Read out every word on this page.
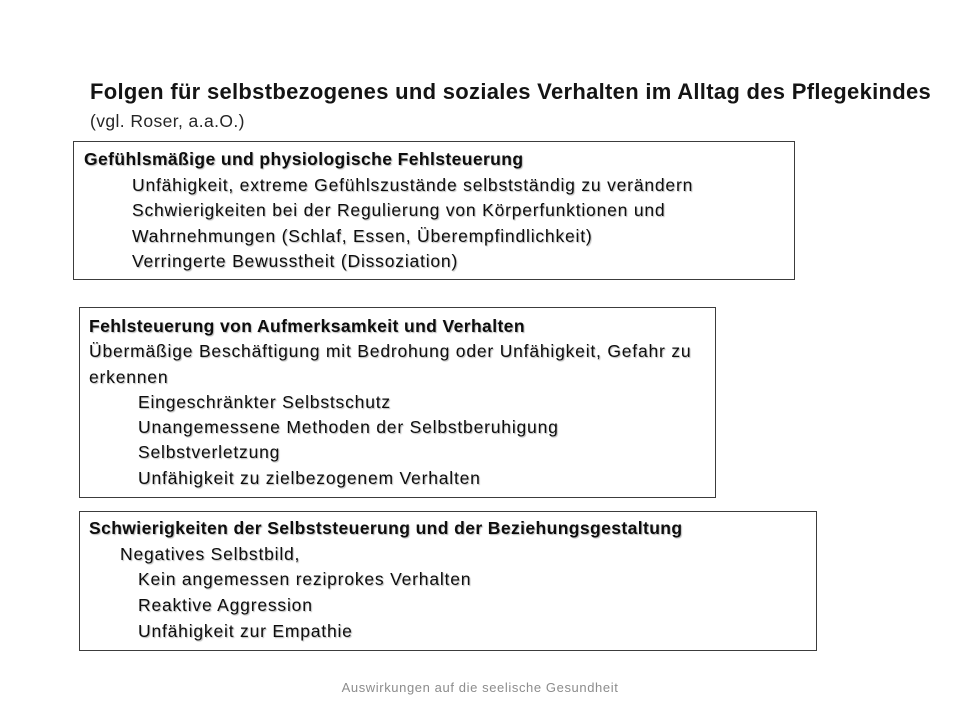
Folgen für selbstbezogenes und soziales Verhalten im Alltag des Pflegekindes
(vgl. Roser, a.a.O.)
Gefühlsmäßige und physiologische Fehlsteuerung
Unfähigkeit, extreme Gefühlszustände selbstständig zu verändern
Schwierigkeiten bei der Regulierung von Körperfunktionen und
Wahrnehmungen (Schlaf, Essen, Überempfindlichkeit)
Verringerte Bewusstheit (Dissoziation)
Fehlsteuerung von Aufmerksamkeit und Verhalten
Übermäßige Beschäftigung mit Bedrohung oder Unfähigkeit, Gefahr zu
erkennen
Eingeschränkter Selbstschutz
Unangemessene Methoden der Selbstberuhigung
Selbstverletzung
Unfähigkeit zu zielbezogenem Verhalten
Schwierigkeiten der Selbststeuerung und der Beziehungsgestaltung
Negatives Selbstbild,
Kein angemessen reziprokes Verhalten
Reaktive Aggression
Unfähigkeit zur Empathie
Auswirkungen auf die seelische Gesundheit
